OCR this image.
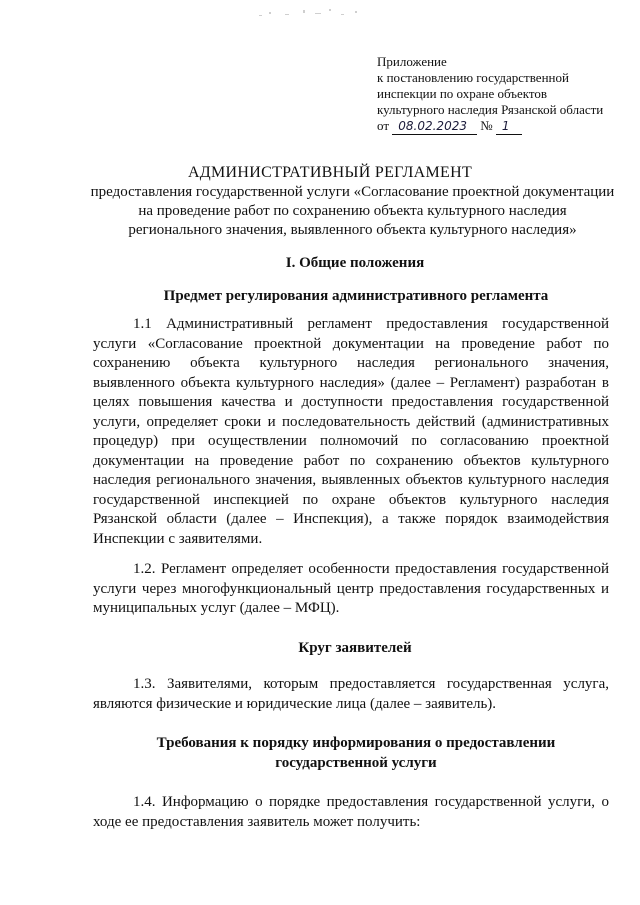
Приложение
к постановлению государственной
инспекции по охране объектов
культурного наследия Рязанской области
от 08.02.2023 № 1
АДМИНИСТРАТИВНЫЙ РЕГЛАМЕНТ
предоставления государственной услуги «Согласование проектной документации на проведение работ по сохранению объекта культурного наследия регионального значения, выявленного объекта культурного наследия»
I. Общие положения
Предмет регулирования административного регламента
1.1 Административный регламент предоставления государственной услуги «Согласование проектной документации на проведение работ по сохранению объекта культурного наследия регионального значения, выявленного объекта культурного наследия» (далее – Регламент) разработан в целях повышения качества и доступности предоставления государственной услуги, определяет сроки и последовательность действий (административных процедур) при осуществлении полномочий по согласованию проектной документации на проведение работ по сохранению объектов культурного наследия регионального значения, выявленных объектов культурного наследия государственной инспекцией по охране объектов культурного наследия Рязанской области (далее – Инспекция), а также порядок взаимодействия Инспекции с заявителями.
1.2. Регламент определяет особенности предоставления государственной услуги через многофункциональный центр предоставления государственных и муниципальных услуг (далее – МФЦ).
Круг заявителей
1.3. Заявителями, которым предоставляется государственная услуга, являются физические и юридические лица (далее – заявитель).
Требования к порядку информирования о предоставлении
государственной услуги
1.4. Информацию о порядке предоставления государственной услуги, о ходе ее предоставления заявитель может получить:
